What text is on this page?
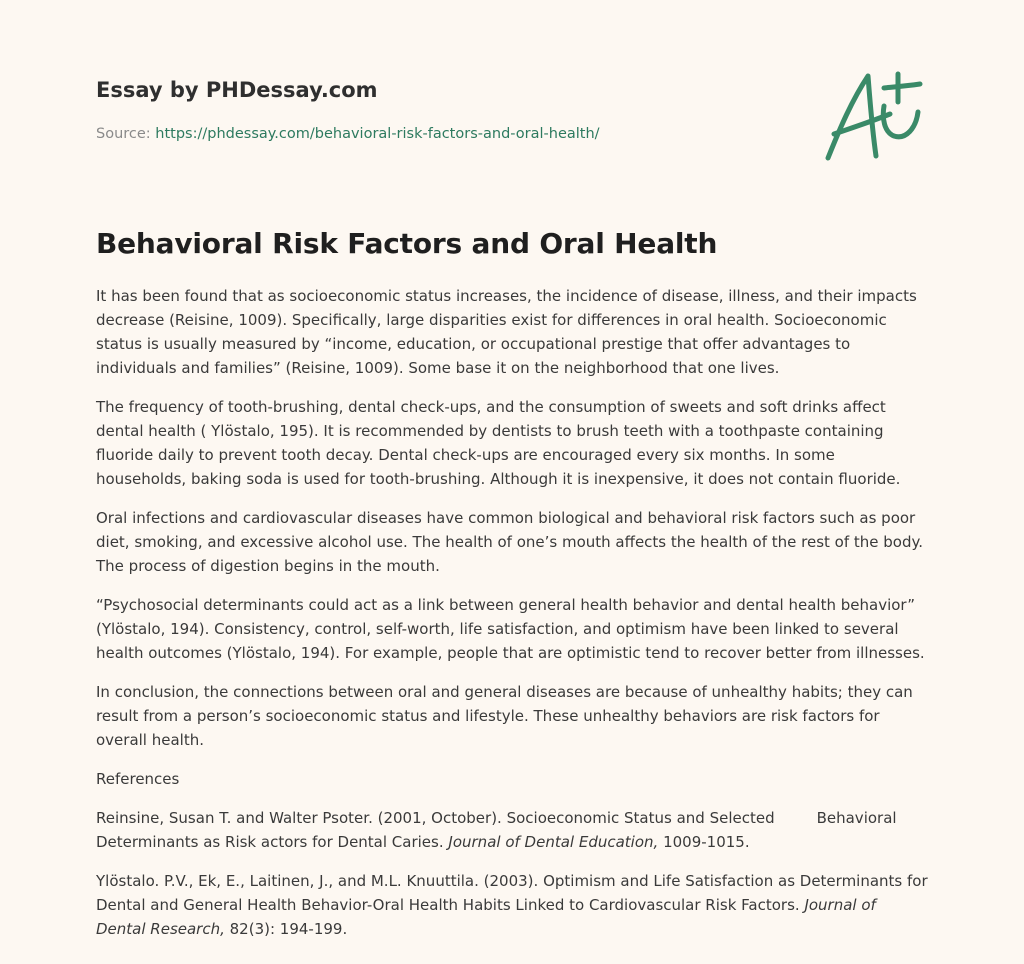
Essay by PHDessay.com
Source: https://phdessay.com/behavioral-risk-factors-and-oral-health/
Behavioral Risk Factors and Oral Health

It has been found that as socioeconomic status increases, the incidence of disease, illness, and their impacts decrease (Reisine, 1009). Specifically, large disparities exist for differences in oral health. Socioeconomic status is usually measured by “income, education, or occupational prestige that offer advantages to individuals and families” (Reisine, 1009). Some base it on the neighborhood that one lives.

The frequency of tooth-brushing, dental check-ups, and the consumption of sweets and soft drinks affect dental health ( Ylöstalo, 195). It is recommended by dentists to brush teeth with a toothpaste containing fluoride daily to prevent tooth decay. Dental check-ups are encouraged every six months. In some households, baking soda is used for tooth-brushing. Although it is inexpensive, it does not contain fluoride.

Oral infections and cardiovascular diseases have common biological and behavioral risk factors such as poor diet, smoking, and excessive alcohol use. The health of one’s mouth affects the health of the rest of the body. The process of digestion begins in the mouth.

“Psychosocial determinants could act as a link between general health behavior and dental health behavior” (Ylöstalo, 194). Consistency, control, self-worth, life satisfaction, and optimism have been linked to several health outcomes (Ylöstalo, 194). For example, people that are optimistic tend to recover better from illnesses.

In conclusion, the connections between oral and general diseases are because of unhealthy habits; they can result from a person’s socioeconomic status and lifestyle. These unhealthy behaviors are risk factors for overall health.

References

Reinsine, Susan T. and Walter Psoter. (2001, October). Socioeconomic Status and Selected	Behavioral Determinants as Risk actors for Dental Caries. Journal of Dental Education, 1009-1015.

Ylöstalo. P.V., Ek, E., Laitinen, J., and M.L. Knuuttila. (2003). Optimism and Life Satisfaction as Determinants for Dental and General Health Behavior-Oral Health Habits Linked to Cardiovascular Risk Factors. Journal of Dental Research, 82(3): 194-199.
